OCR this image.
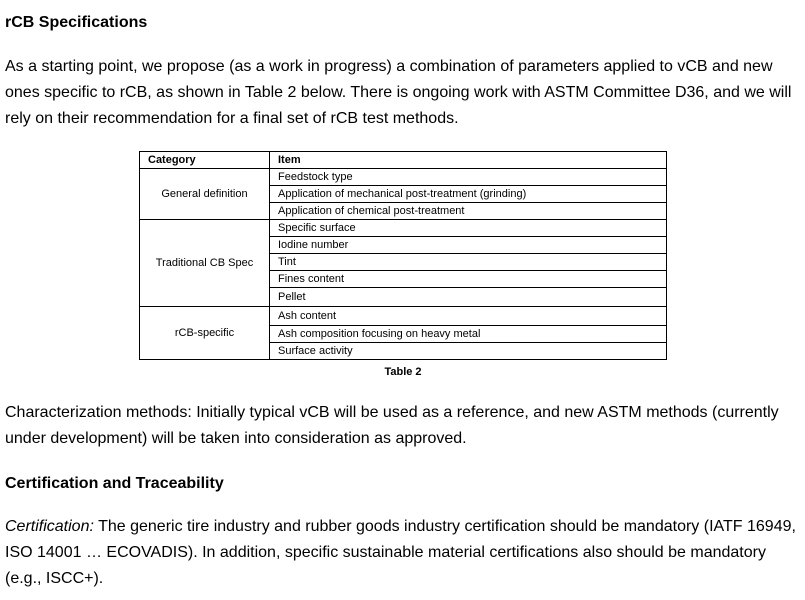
rCB Specifications

As a starting point, we propose (as a work in progress) a combination of parameters applied to vCB and new ones specific to rCB, as shown in Table 2 below. There is ongoing work with ASTM Committee D36, and we will rely on their recommendation for a final set of rCB test methods.

Category	Item
General definition	Feedstock type
	Application of mechanical post-treatment (grinding)
	Application of chemical post-treatment
Traditional CB Spec	Specific surface
	Iodine number
	Tint
	Fines content
	Pellet
rCB-specific	Ash content
	Ash composition focusing on heavy metal
	Surface activity
Table 2

Characterization methods: Initially typical vCB will be used as a reference, and new ASTM methods (currently under development) will be taken into consideration as approved.

Certification and Traceability

Certification: The generic tire industry and rubber goods industry certification should be mandatory (IATF 16949, ISO 14001 … ECOVADIS). In addition, specific sustainable material certifications also should be mandatory (e.g., ISCC+).
